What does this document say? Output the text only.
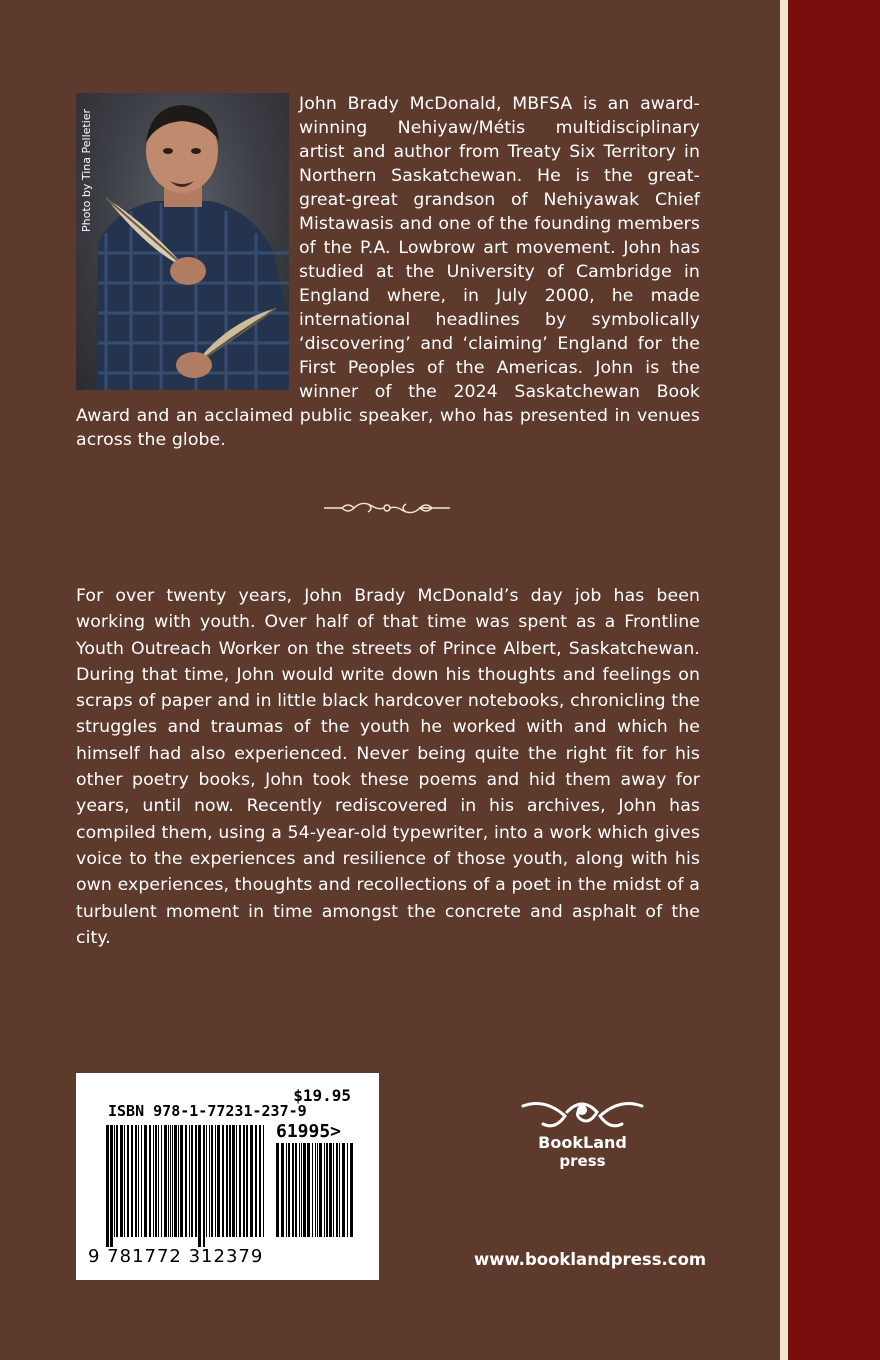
Photo by Tina Pelletier
John Brady McDonald, MBFSA is an award-winning Nehiyaw/Métis multidisciplinary artist and author from Treaty Six Territory in Northern Saskatchewan. He is the great-great-great grandson of Nehiyawak Chief Mistawasis and one of the founding members of the P.A. Lowbrow art movement. John has studied at the University of Cambridge in England where, in July 2000, he made international headlines by symbolically ‘discovering’ and ‘claiming’ England for the First Peoples of the Americas. John is the winner of the 2024 Saskatchewan Book Award and an acclaimed public speaker, who has presented in venues across the globe.
For over twenty years, John Brady McDonald’s day job has been working with youth. Over half of that time was spent as a Frontline Youth Outreach Worker on the streets of Prince Albert, Saskatchewan. During that time, John would write down his thoughts and feelings on scraps of paper and in little black hardcover notebooks, chronicling the struggles and traumas of the youth he worked with and which he himself had also experienced. Never being quite the right fit for his other poetry books, John took these poems and hid them away for years, until now. Recently rediscovered in his archives, John has compiled them, using a 54-year-old typewriter, into a work which gives voice to the experiences and resilience of those youth, along with his own experiences, thoughts and recollections of a poet in the midst of a turbulent moment in time amongst the concrete and asphalt of the city.
$19.95
ISBN 978-1-77231-237-9
61995>
9 781772 312379
BookLand
press
www.booklandpress.com
